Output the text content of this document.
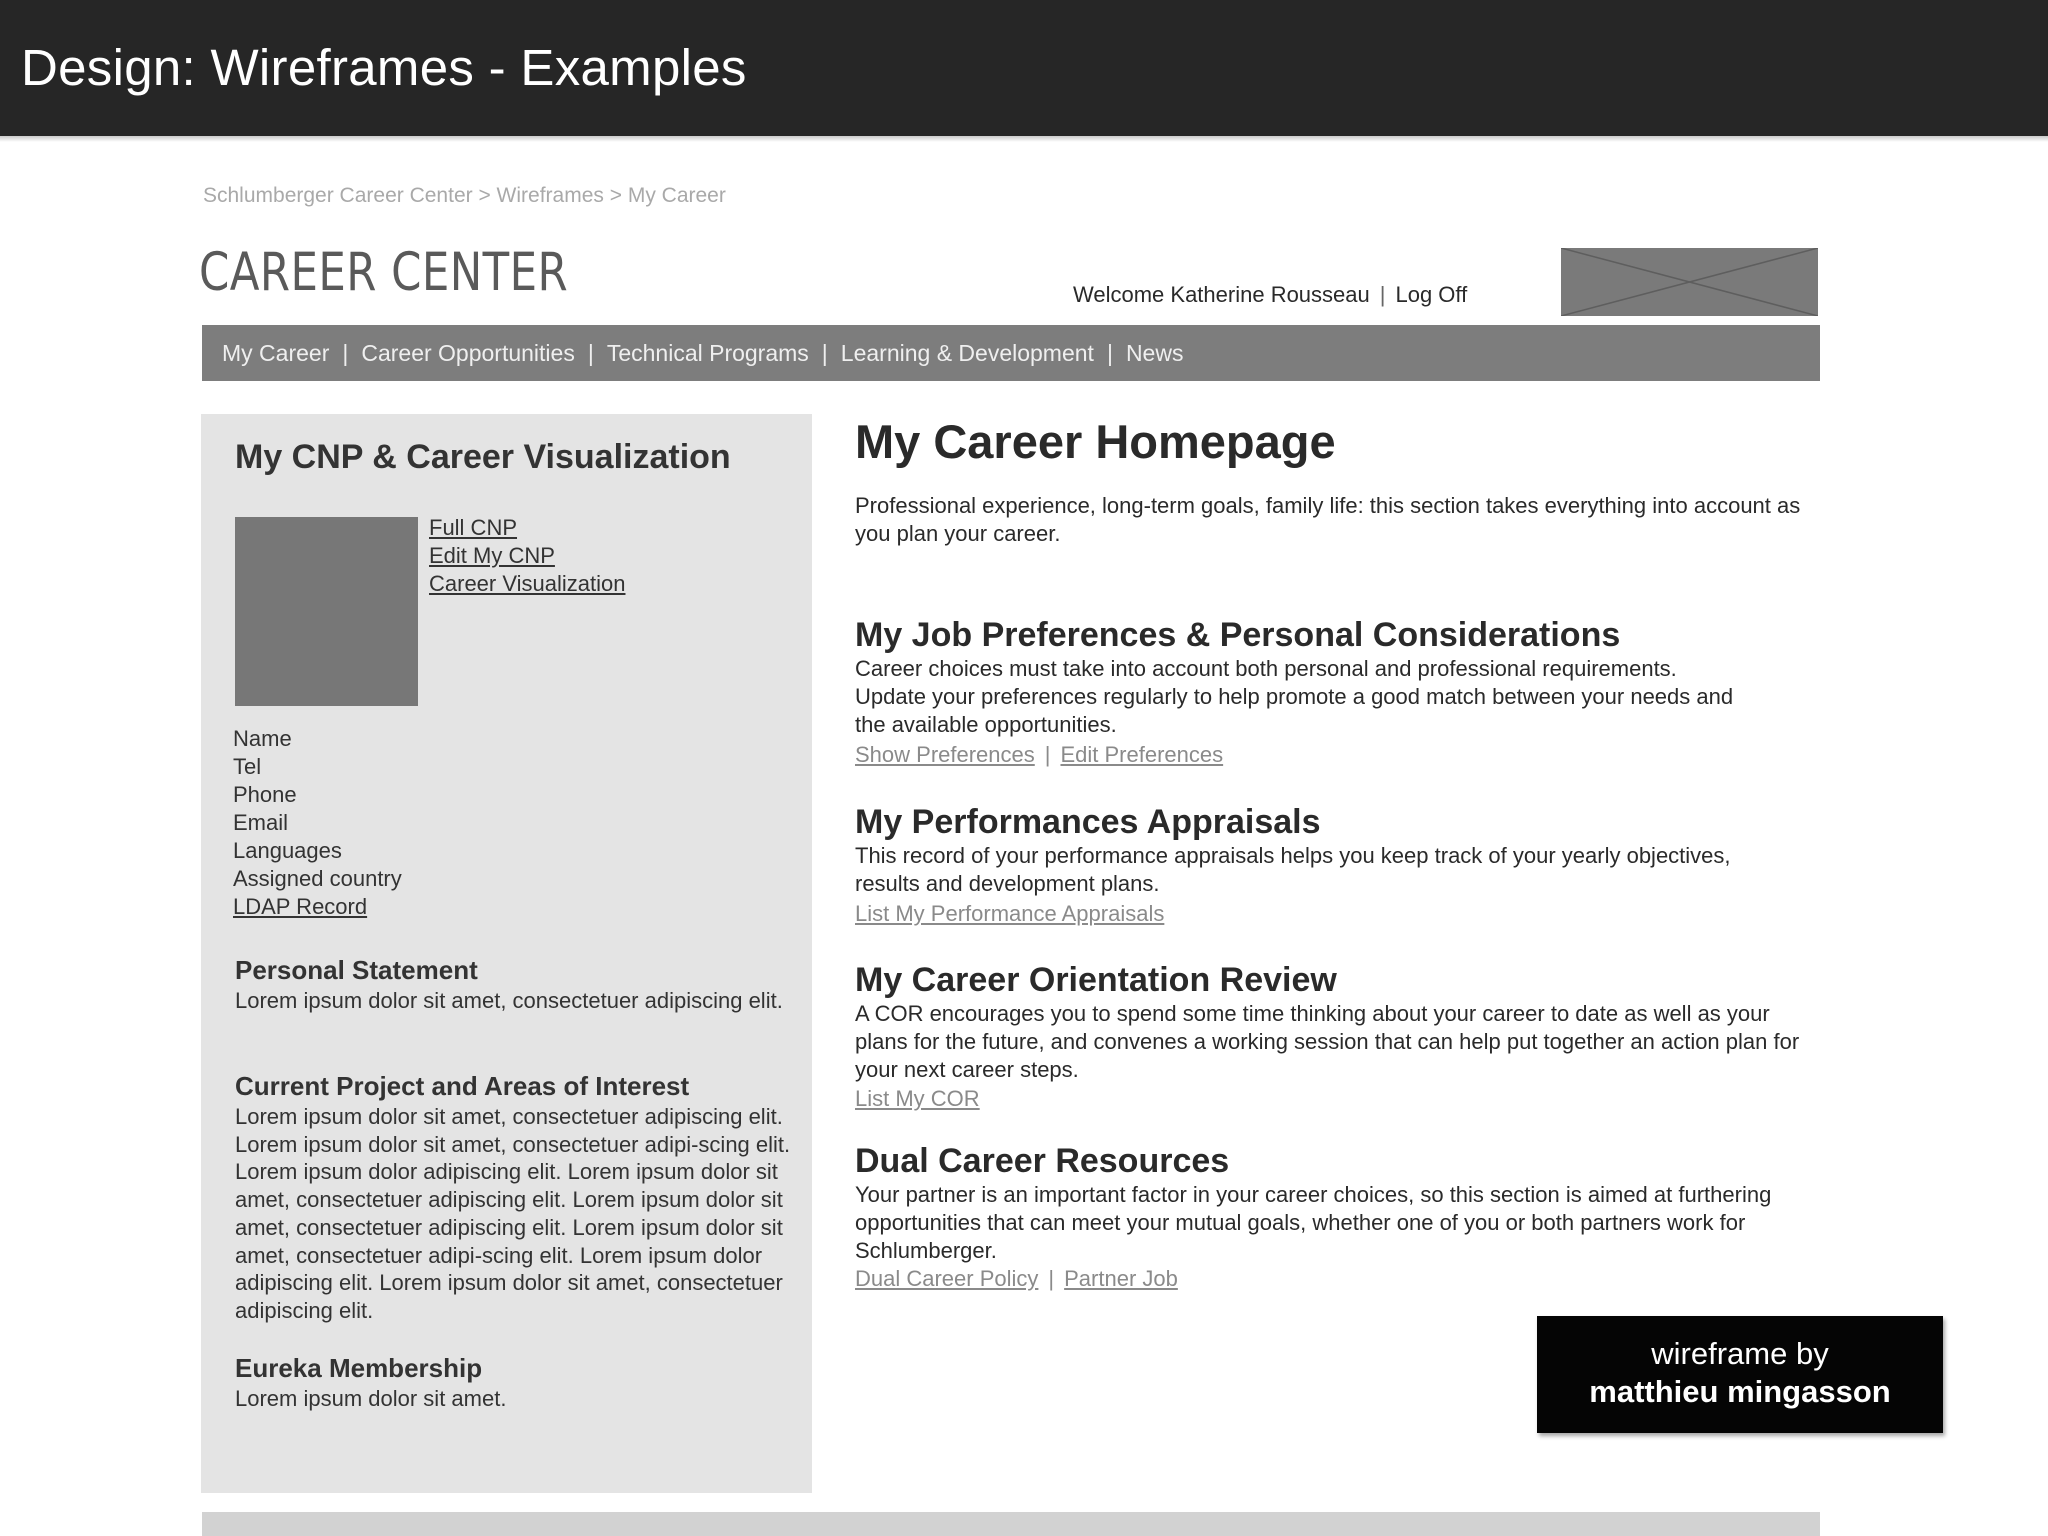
Design: Wireframes - Examples
Schlumberger Career Center > Wireframes > My Career
CAREER CENTER	Welcome Katherine Rousseau | Log Off
My Career | Career Opportunities | Technical Programs | Learning & Development | News
My CNP & Career Visualization
Full CNP
Edit My CNP
Career Visualization
Name
Tel
Phone
Email
Languages
Assigned country
LDAP Record
Personal Statement
Lorem ipsum dolor sit amet, consectetuer adipiscing elit.
Current Project and Areas of Interest
Lorem ipsum dolor sit amet, consectetuer adipiscing elit. Lorem ipsum dolor sit amet, consectetuer adipi-scing elit. Lorem ipsum dolor adipiscing elit. Lorem ipsum dolor sit amet, consectetuer adipiscing elit. Lorem ipsum dolor sit amet, consectetuer adipiscing elit. Lorem ipsum dolor sit amet, consectetuer adipi-scing elit. Lorem ipsum dolor adipiscing elit. Lorem ipsum dolor sit amet, consectetuer adipiscing elit.
Eureka Membership
Lorem ipsum dolor sit amet.
My Career Homepage
Professional experience, long-term goals, family life: this section takes everything into account as you plan your career.
My Job Preferences & Personal Considerations
Career choices must take into account both personal and professional requirements. Update your preferences regularly to help promote a good match between your needs and the available opportunities.
Show Preferences | Edit Preferences
My Performances Appraisals
This record of your performance appraisals helps you keep track of your yearly objectives, results and development plans.
List My Performance Appraisals
My Career Orientation Review
A COR encourages you to spend some time thinking about your career to date as well as your plans for the future, and convenes a working session that can help put together an action plan for your next career steps.
List My COR
Dual Career Resources
Your partner is an important factor in your career choices, so this section is aimed at furthering opportunities that can meet your mutual goals, whether one of you or both partners work for Schlumberger.
Dual Career Policy | Partner Job
wireframe by
matthieu mingasson
